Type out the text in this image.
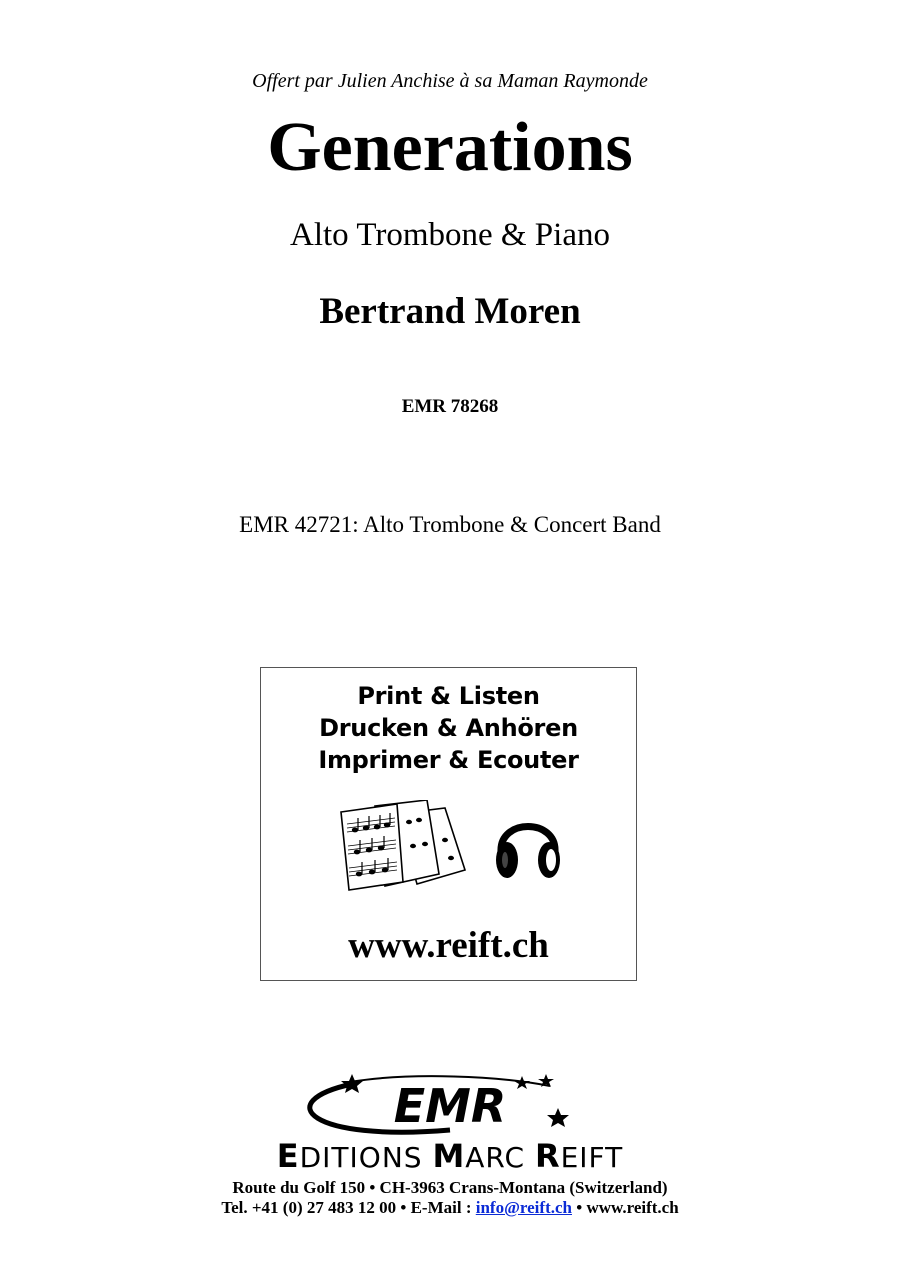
Offert par Julien Anchise à sa Maman Raymonde
Generations
Alto Trombone & Piano
Bertrand Moren
EMR 78268
EMR 42721: Alto Trombone & Concert Band
Print & Listen
Drucken & Anhören
Imprimer & Ecouter
www.reift.ch
EMR
EDITIONS MARC REIFT
Route du Golf 150 • CH-3963 Crans-Montana (Switzerland)
Tel. +41 (0) 27 483 12 00 • E-Mail : info@reift.ch • www.reift.ch
